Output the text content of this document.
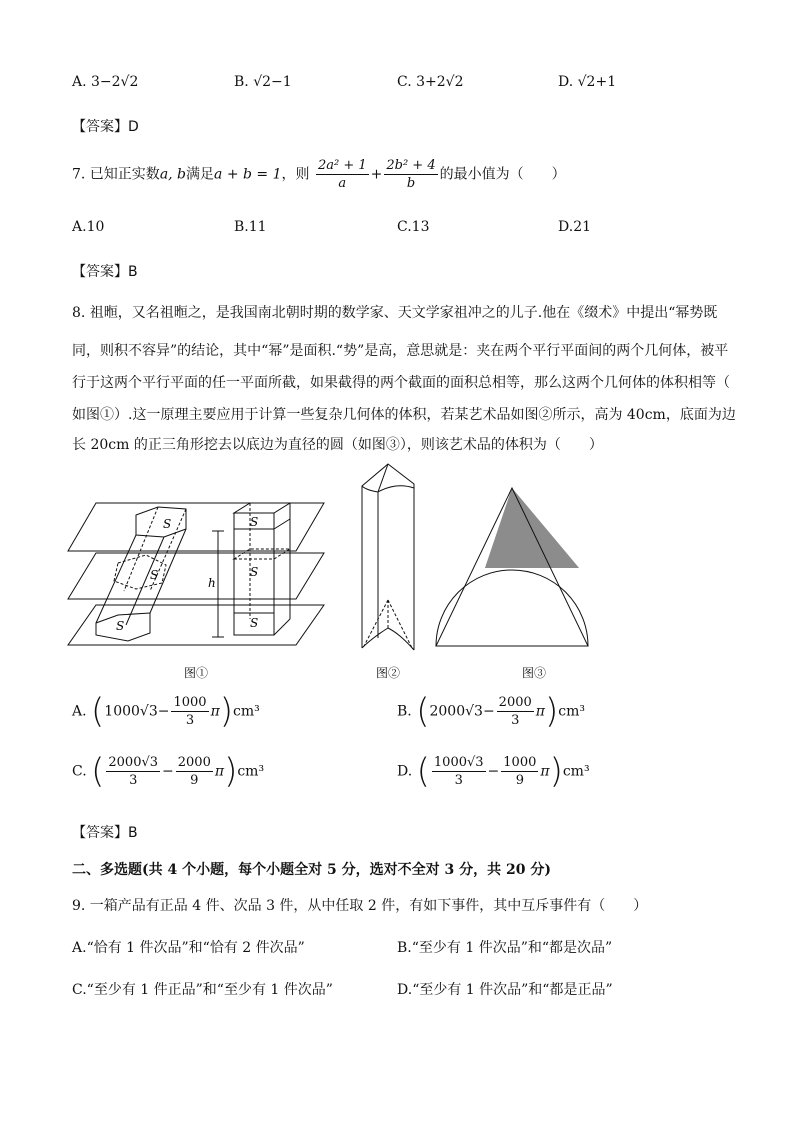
A. 3−2√2	B. √2−1	C. 3+2√2	D. √2+1
【答案】D
7. 已知正实数a, b满足a + b = 1，则 $\frac{\text{2a² + 1}}{a} + \frac{\text{2b² + 4}}{b}$ 的最小值为（　　）
A.10	B.11	C.13	D.21
【答案】B
8. 祖暅，又名祖暅之，是我国南北朝时期的数学家、天文学家祖冲之的儿子.他在《缀术》中提出“幂势既
同，则积不容异”的结论，其中“幂”是面积.“势”是高，意思就是：夹在两个平行平面间的两个几何体，被平
行于这两个平行平面的任一平面所截，如果截得的两个截面的面积总相等，那么这两个几何体的体积相等（
如图①）.这一原理主要应用于计算一些复杂几何体的体积，若某艺术品如图②所示，高为 40cm，底面为边
长 20cm 的正三角形挖去以底边为直径的圆（如图③），则该艺术品的体积为（　　）
S
S
S
S
S
S
h
图①	图②	图③
A. $(1000√3- \frac{1000}{3} \pi)cm^3$	B. $(2000√3- \frac{2000}{3} \pi)cm^3$
C. ( $\frac{2000√3}{3} - \frac{2000}{9} \pi)cm^3$	D. ( $\frac{1000√3}{3} - \frac{1000}{9} \pi)cm^3$
【答案】B
二、多选题(共 4 个小题，每个小题全对 5 分，选对不全对 3 分，共 20 分)
9. 一箱产品有正品 4 件、次品 3 件，从中任取 2 件，有如下事件，其中互斥事件有（　　）
A.“恰有 1 件次品”和“恰有 2 件次品”	B.“至少有 1 件次品”和“都是次品”
C.“至少有 1 件正品”和“至少有 1 件次品”	D.“至少有 1 件次品”和“都是正品”
